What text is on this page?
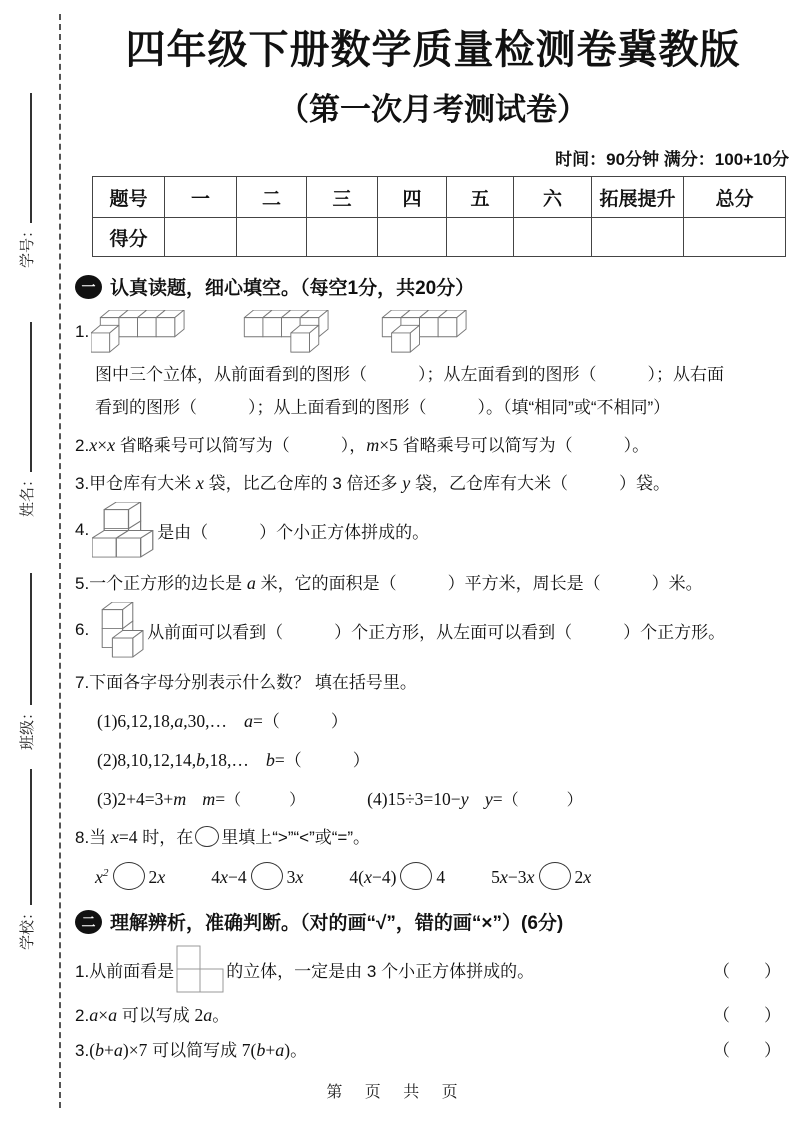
学号：
姓名：
班级：
学校：
四年级下册数学质量检测卷冀教版
（第一次月考测试卷）
时间：90分钟 满分：100+10分
题号	一	二	三	四	五	六	拓展提升	总分
得分								
一 认真读题，细心填空。（每空1分，共20分）
1.

图中三个立体，从前面看到的图形（　　　）；从左面看到的图形（　　　）；从右面

看到的图形（　　　）；从上面看到的图形（　　　）。（填“相同”或“不相同”）

2.x×x 省略乘号可以简写为（　　　），m×5 省略乘号可以简写为（　　　）。

3.甲仓库有大米 x 袋，比乙仓库的 3 倍还多 y 袋，乙仓库有大米（　　　）袋。

4.	是由（　　　）个小正方体拼成的。

5.一个正方形的边长是 a 米，它的面积是（　　　）平方米，周长是（　　　）米。

6.	从前面可以看到（　　　）个正方形，从左面可以看到（　　　）个正方形。

7.下面各字母分别表示什么数？ 填在括号里。

(1)6,12,18,a,30,…　 a=（　　　）

(2)8,10,12,14,b,18,…　 b=（　　　）

(3)2+4=3+m　 m=（　　　）	(4)15÷3=10−y　 y=（　　　）

8.当 x=4 时，在 里填上“>”“<”或“=”。

$x^2$ 2x	4x−4 3x	4(x−4) 4	5x−3x 2x
二 理解辨析，准确判断。（对的画“√”，错的画“×”）(6分)
1.从前面看是	的立体，一定是由 3 个小正方体拼成的。	（　　）
2.a×a 可以写成 2a。	（　　）
3.(b+a)×7 可以简写成 7(b+a)。	（　　）
第 页 共 页
